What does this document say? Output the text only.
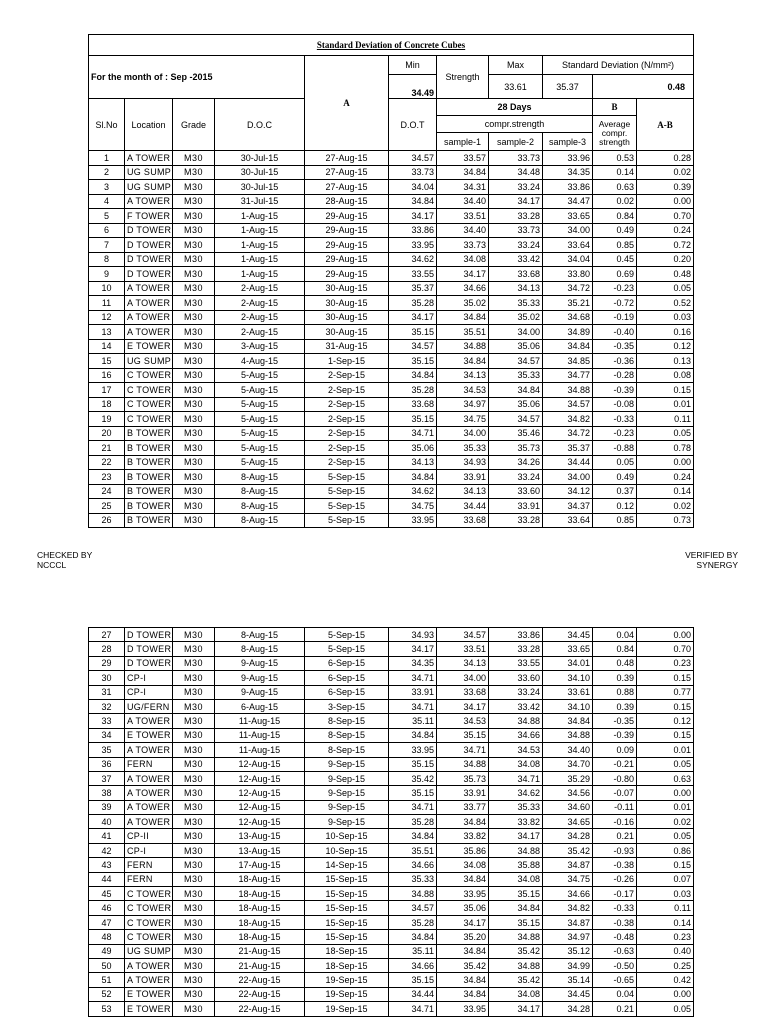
Standard Deviation of Concrete Cubes											
For the month of : Sep -2015				A	Min	Strength	Max	Standard Deviation (N/mm²)			
					34.49		33.61	35.37	0.48		
Sl.No	Location	Grade	D.O.C		D.O.T	28 Days			B	A-B	
						compr.strength			Average compr. strength		
						sample-1	sample-2	sample-3			
1	A TOWER	M30	30-Jul-15	27-Aug-15	34.57	33.57	33.73	33.96	0.53	0.28	
2	UG SUMP	M30	30-Jul-15	27-Aug-15	33.73	34.84	34.48	34.35	0.14	0.02	
3	UG SUMP	M30	30-Jul-15	27-Aug-15	34.04	34.31	33.24	33.86	0.63	0.39	
4	A TOWER	M30	31-Jul-15	28-Aug-15	34.84	34.40	34.17	34.47	0.02	0.00	
5	F TOWER	M30	1-Aug-15	29-Aug-15	34.17	33.51	33.28	33.65	0.84	0.70	
6	D TOWER	M30	1-Aug-15	29-Aug-15	33.86	34.40	33.73	34.00	0.49	0.24	
7	D TOWER	M30	1-Aug-15	29-Aug-15	33.95	33.73	33.24	33.64	0.85	0.72	
8	D TOWER	M30	1-Aug-15	29-Aug-15	34.62	34.08	33.42	34.04	0.45	0.20	
9	D TOWER	M30	1-Aug-15	29-Aug-15	33.55	34.17	33.68	33.80	0.69	0.48	
10	A TOWER	M30	2-Aug-15	30-Aug-15	35.37	34.66	34.13	34.72	-0.23	0.05	
11	A TOWER	M30	2-Aug-15	30-Aug-15	35.28	35.02	35.33	35.21	-0.72	0.52	
12	A TOWER	M30	2-Aug-15	30-Aug-15	34.17	34.84	35.02	34.68	-0.19	0.03	
13	A TOWER	M30	2-Aug-15	30-Aug-15	35.15	35.51	34.00	34.89	-0.40	0.16	
14	E TOWER	M30	3-Aug-15	31-Aug-15	34.57	34.88	35.06	34.84	-0.35	0.12	
15	UG SUMP	M30	4-Aug-15	1-Sep-15	35.15	34.84	34.57	34.85	-0.36	0.13	
16	C TOWER	M30	5-Aug-15	2-Sep-15	34.84	34.13	35.33	34.77	-0.28	0.08	
17	C TOWER	M30	5-Aug-15	2-Sep-15	35.28	34.53	34.84	34.88	-0.39	0.15	
18	C TOWER	M30	5-Aug-15	2-Sep-15	33.68	34.97	35.06	34.57	-0.08	0.01	
19	C TOWER	M30	5-Aug-15	2-Sep-15	35.15	34.75	34.57	34.82	-0.33	0.11	
20	B TOWER	M30	5-Aug-15	2-Sep-15	34.71	34.00	35.46	34.72	-0.23	0.05	
21	B TOWER	M30	5-Aug-15	2-Sep-15	35.06	35.33	35.73	35.37	-0.88	0.78	
22	B TOWER	M30	5-Aug-15	2-Sep-15	34.13	34.93	34.26	34.44	0.05	0.00	
23	B TOWER	M30	8-Aug-15	5-Sep-15	34.84	33.91	33.24	34.00	0.49	0.24	
24	B TOWER	M30	8-Aug-15	5-Sep-15	34.62	34.13	33.60	34.12	0.37	0.14	
25	B TOWER	M30	8-Aug-15	5-Sep-15	34.75	34.44	33.91	34.37	0.12	0.02	
26	B TOWER	M30	8-Aug-15	5-Sep-15	33.95	33.68	33.28	33.64	0.85	0.73	
CHECKED BY
NCCCL
VERIFIED BY
SYNERGY
27	D TOWER	M30	8-Aug-15	5-Sep-15	34.93	34.57	33.86	34.45	0.04	0.00
28	D TOWER	M30	8-Aug-15	5-Sep-15	34.17	33.51	33.28	33.65	0.84	0.70
29	D TOWER	M30	9-Aug-15	6-Sep-15	34.35	34.13	33.55	34.01	0.48	0.23
30	CP-I	M30	9-Aug-15	6-Sep-15	34.71	34.00	33.60	34.10	0.39	0.15
31	CP-I	M30	9-Aug-15	6-Sep-15	33.91	33.68	33.24	33.61	0.88	0.77
32	UG/FERN	M30	6-Aug-15	3-Sep-15	34.71	34.17	33.42	34.10	0.39	0.15
33	A TOWER	M30	11-Aug-15	8-Sep-15	35.11	34.53	34.88	34.84	-0.35	0.12
34	E TOWER	M30	11-Aug-15	8-Sep-15	34.84	35.15	34.66	34.88	-0.39	0.15
35	A TOWER	M30	11-Aug-15	8-Sep-15	33.95	34.71	34.53	34.40	0.09	0.01
36	FERN	M30	12-Aug-15	9-Sep-15	35.15	34.88	34.08	34.70	-0.21	0.05
37	A TOWER	M30	12-Aug-15	9-Sep-15	35.42	35.73	34.71	35.29	-0.80	0.63
38	A TOWER	M30	12-Aug-15	9-Sep-15	35.15	33.91	34.62	34.56	-0.07	0.00
39	A TOWER	M30	12-Aug-15	9-Sep-15	34.71	33.77	35.33	34.60	-0.11	0.01
40	A TOWER	M30	12-Aug-15	9-Sep-15	35.28	34.84	33.82	34.65	-0.16	0.02
41	CP-II	M30	13-Aug-15	10-Sep-15	34.84	33.82	34.17	34.28	0.21	0.05
42	CP-I	M30	13-Aug-15	10-Sep-15	35.51	35.86	34.88	35.42	-0.93	0.86
43	FERN	M30	17-Aug-15	14-Sep-15	34.66	34.08	35.88	34.87	-0.38	0.15
44	FERN	M30	18-Aug-15	15-Sep-15	35.33	34.84	34.08	34.75	-0.26	0.07
45	C TOWER	M30	18-Aug-15	15-Sep-15	34.88	33.95	35.15	34.66	-0.17	0.03
46	C TOWER	M30	18-Aug-15	15-Sep-15	34.57	35.06	34.84	34.82	-0.33	0.11
47	C TOWER	M30	18-Aug-15	15-Sep-15	35.28	34.17	35.15	34.87	-0.38	0.14
48	C TOWER	M30	18-Aug-15	15-Sep-15	34.84	35.20	34.88	34.97	-0.48	0.23
49	UG SUMP	M30	21-Aug-15	18-Sep-15	35.11	34.84	35.42	35.12	-0.63	0.40
50	A TOWER	M30	21-Aug-15	18-Sep-15	34.66	35.42	34.88	34.99	-0.50	0.25
51	A TOWER	M30	22-Aug-15	19-Sep-15	35.15	34.84	35.42	35.14	-0.65	0.42
52	E TOWER	M30	22-Aug-15	19-Sep-15	34.44	34.84	34.08	34.45	0.04	0.00
53	E TOWER	M30	22-Aug-15	19-Sep-15	34.71	33.95	34.17	34.28	0.21	0.05
